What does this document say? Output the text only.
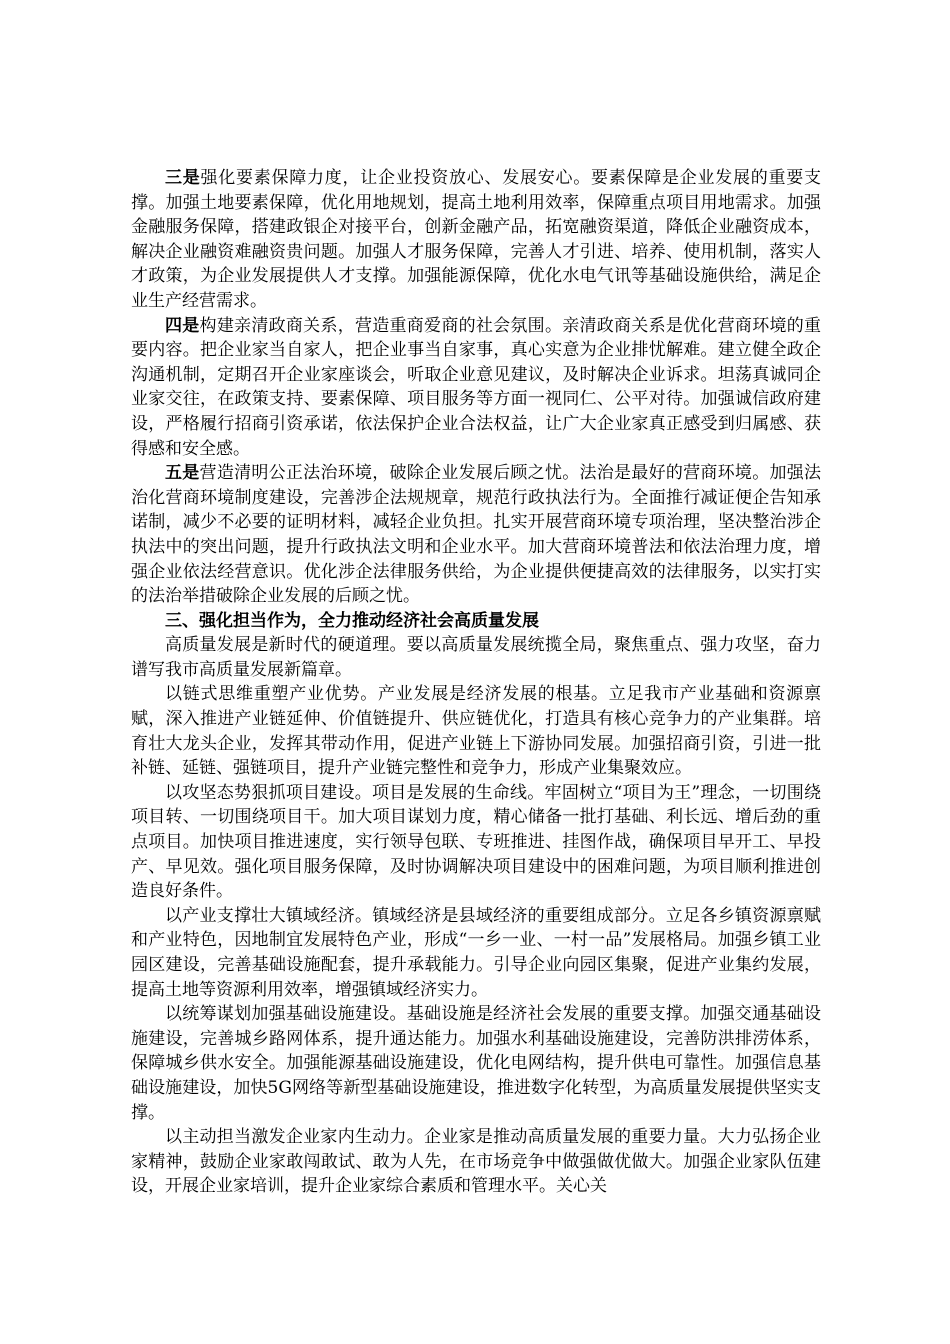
三是强化要素保障力度，让企业投资放心、发展安心。要素保障是企业发展的重要支撑。加强土地要素保障，优化用地规划，提高土地利用效率，保障重点项目用地需求。加强金融服务保障，搭建政银企对接平台，创新金融产品，拓宽融资渠道，降低企业融资成本，解决企业融资难融资贵问题。加强人才服务保障，完善人才引进、培养、使用机制，落实人才政策，为企业发展提供人才支撑。加强能源保障，优化水电气讯等基础设施供给，满足企业生产经营需求。

四是构建亲清政商关系，营造重商爱商的社会氛围。亲清政商关系是优化营商环境的重要内容。把企业家当自家人，把企业事当自家事，真心实意为企业排忧解难。建立健全政企沟通机制，定期召开企业家座谈会，听取企业意见建议，及时解决企业诉求。坦荡真诚同企业家交往，在政策支持、要素保障、项目服务等方面一视同仁、公平对待。加强诚信政府建设，严格履行招商引资承诺，依法保护企业合法权益，让广大企业家真正感受到归属感、获得感和安全感。

五是营造清明公正法治环境，破除企业发展后顾之忧。法治是最好的营商环境。加强法治化营商环境制度建设，完善涉企法规规章，规范行政执法行为。全面推行减证便企告知承诺制，减少不必要的证明材料，减轻企业负担。扎实开展营商环境专项治理，坚决整治涉企执法中的突出问题，提升行政执法文明和企业水平。加大营商环境普法和依法治理力度，增强企业依法经营意识。优化涉企法律服务供给，为企业提供便捷高效的法律服务，以实打实的法治举措破除企业发展的后顾之忧。

三、强化担当作为，全力推动经济社会高质量发展

高质量发展是新时代的硬道理。要以高质量发展统揽全局，聚焦重点、强力攻坚，奋力谱写我市高质量发展新篇章。

以链式思维重塑产业优势。产业发展是经济发展的根基。立足我市产业基础和资源禀赋，深入推进产业链延伸、价值链提升、供应链优化，打造具有核心竞争力的产业集群。培育壮大龙头企业，发挥其带动作用，促进产业链上下游协同发展。加强招商引资，引进一批补链、延链、强链项目，提升产业链完整性和竞争力，形成产业集聚效应。

以攻坚态势狠抓项目建设。项目是发展的生命线。牢固树立“项目为王”理念，一切围绕项目转、一切围绕项目干。加大项目谋划力度，精心储备一批打基础、利长远、增后劲的重点项目。加快项目推进速度，实行领导包联、专班推进、挂图作战，确保项目早开工、早投产、早见效。强化项目服务保障，及时协调解决项目建设中的困难问题，为项目顺利推进创造良好条件。

以产业支撑壮大镇域经济。镇域经济是县域经济的重要组成部分。立足各乡镇资源禀赋和产业特色，因地制宜发展特色产业，形成“一乡一业、一村一品”发展格局。加强乡镇工业园区建设，完善基础设施配套，提升承载能力。引导企业向园区集聚，促进产业集约发展，提高土地等资源利用效率，增强镇域经济实力。

以统筹谋划加强基础设施建设。基础设施是经济社会发展的重要支撑。加强交通基础设施建设，完善城乡路网体系，提升通达能力。加强水利基础设施建设，完善防洪排涝体系，保障城乡供水安全。加强能源基础设施建设，优化电网结构，提升供电可靠性。加强信息基础设施建设，加快5G网络等新型基础设施建设，推进数字化转型，为高质量发展提供坚实支撑。

以主动担当激发企业家内生动力。企业家是推动高质量发展的重要力量。大力弘扬企业家精神，鼓励企业家敢闯敢试、敢为人先，在市场竞争中做强做优做大。加强企业家队伍建设，开展企业家培训，提升企业家综合素质和管理水平。关心关
